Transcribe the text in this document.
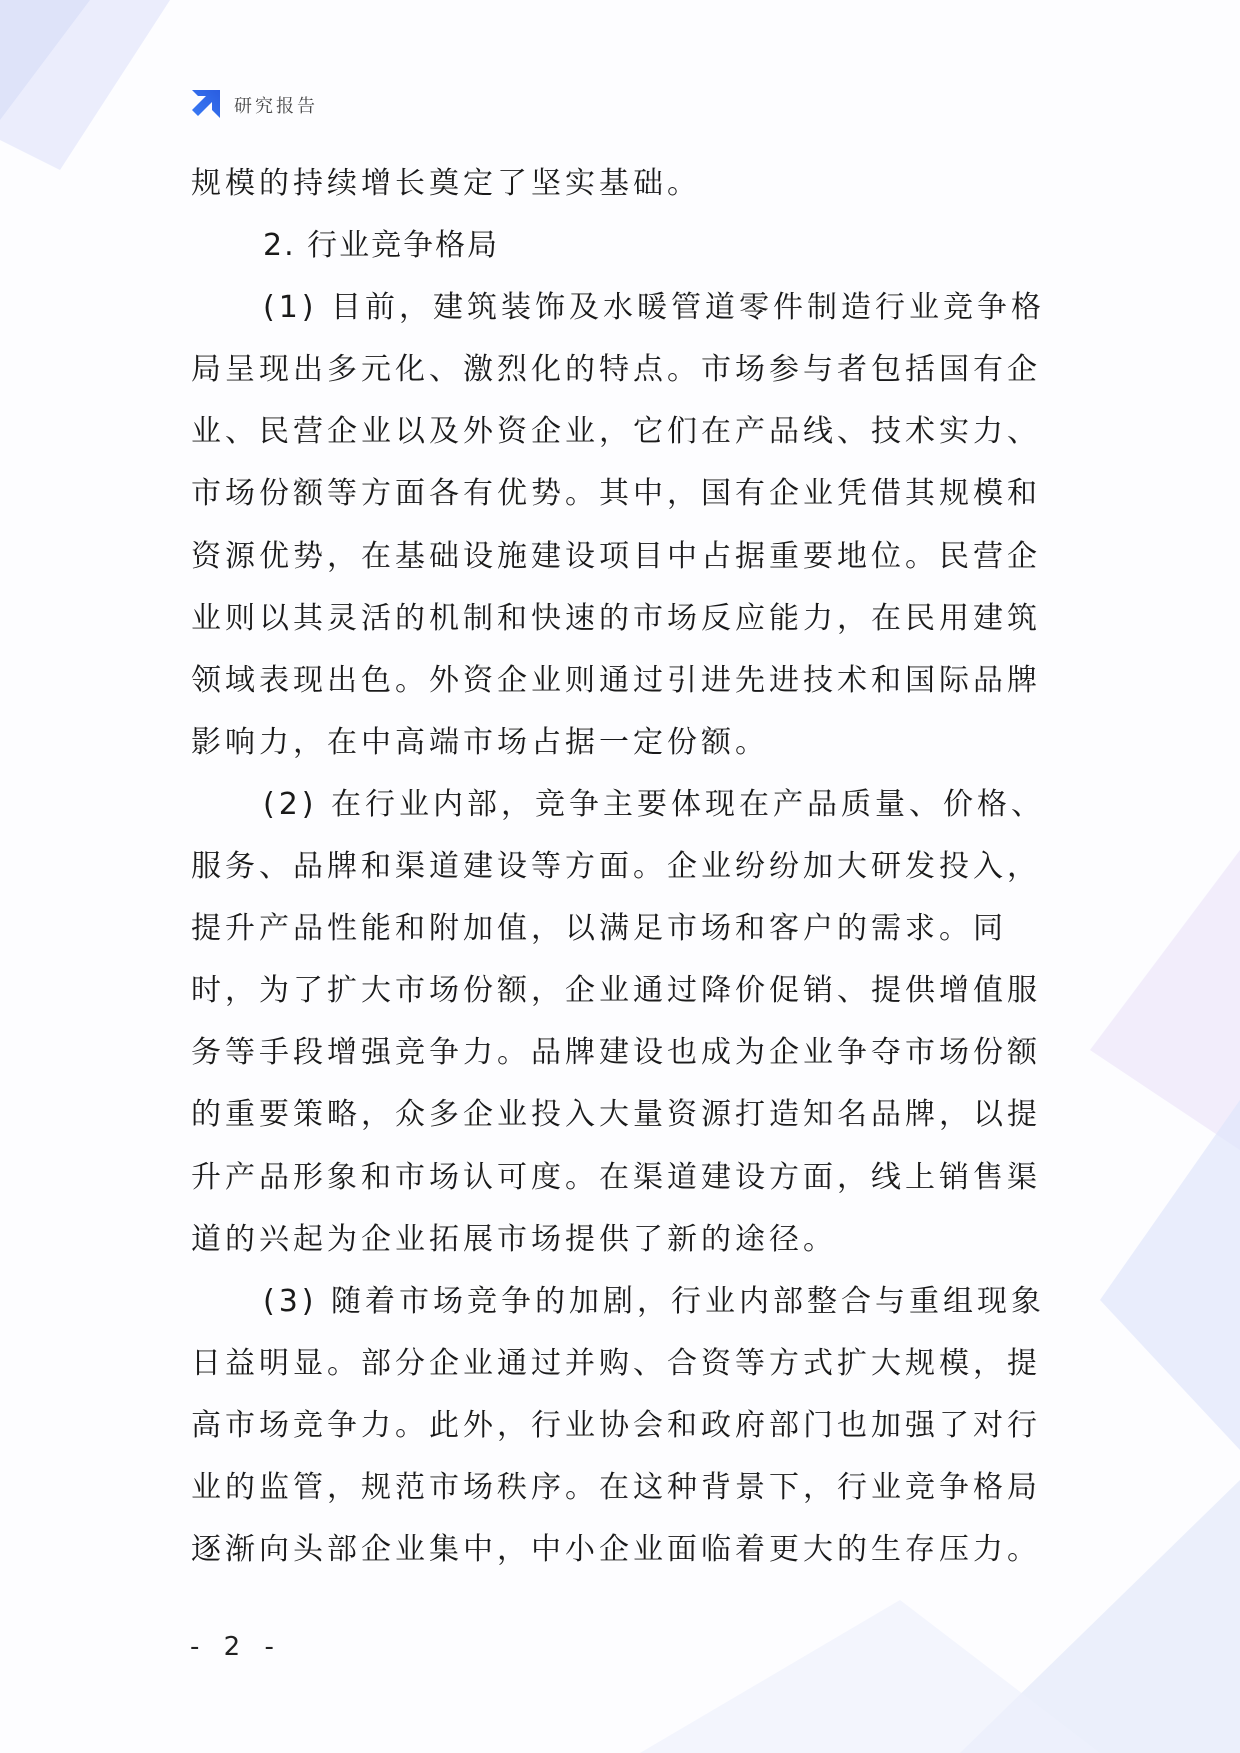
研究报告
规模的持续增长奠定了坚实基础。
2. 行业竞争格局
(1) 目前，建筑装饰及水暖管道零件制造行业竞争格
局呈现出多元化、激烈化的特点。市场参与者包括国有企
业、民营企业以及外资企业，它们在产品线、技术实力、
市场份额等方面各有优势。其中，国有企业凭借其规模和
资源优势，在基础设施建设项目中占据重要地位。民营企
业则以其灵活的机制和快速的市场反应能力，在民用建筑
领域表现出色。外资企业则通过引进先进技术和国际品牌
影响力，在中高端市场占据一定份额。
(2) 在行业内部，竞争主要体现在产品质量、价格、
服务、品牌和渠道建设等方面。企业纷纷加大研发投入，
提升产品性能和附加值，以满足市场和客户的需求。同
时，为了扩大市场份额，企业通过降价促销、提供增值服
务等手段增强竞争力。品牌建设也成为企业争夺市场份额
的重要策略，众多企业投入大量资源打造知名品牌，以提
升产品形象和市场认可度。在渠道建设方面，线上销售渠
道的兴起为企业拓展市场提供了新的途径。
(3) 随着市场竞争的加剧，行业内部整合与重组现象
日益明显。部分企业通过并购、合资等方式扩大规模，提
高市场竞争力。此外，行业协会和政府部门也加强了对行
业的监管，规范市场秩序。在这种背景下，行业竞争格局
逐渐向头部企业集中，中小企业面临着更大的生存压力。
- 2 -
